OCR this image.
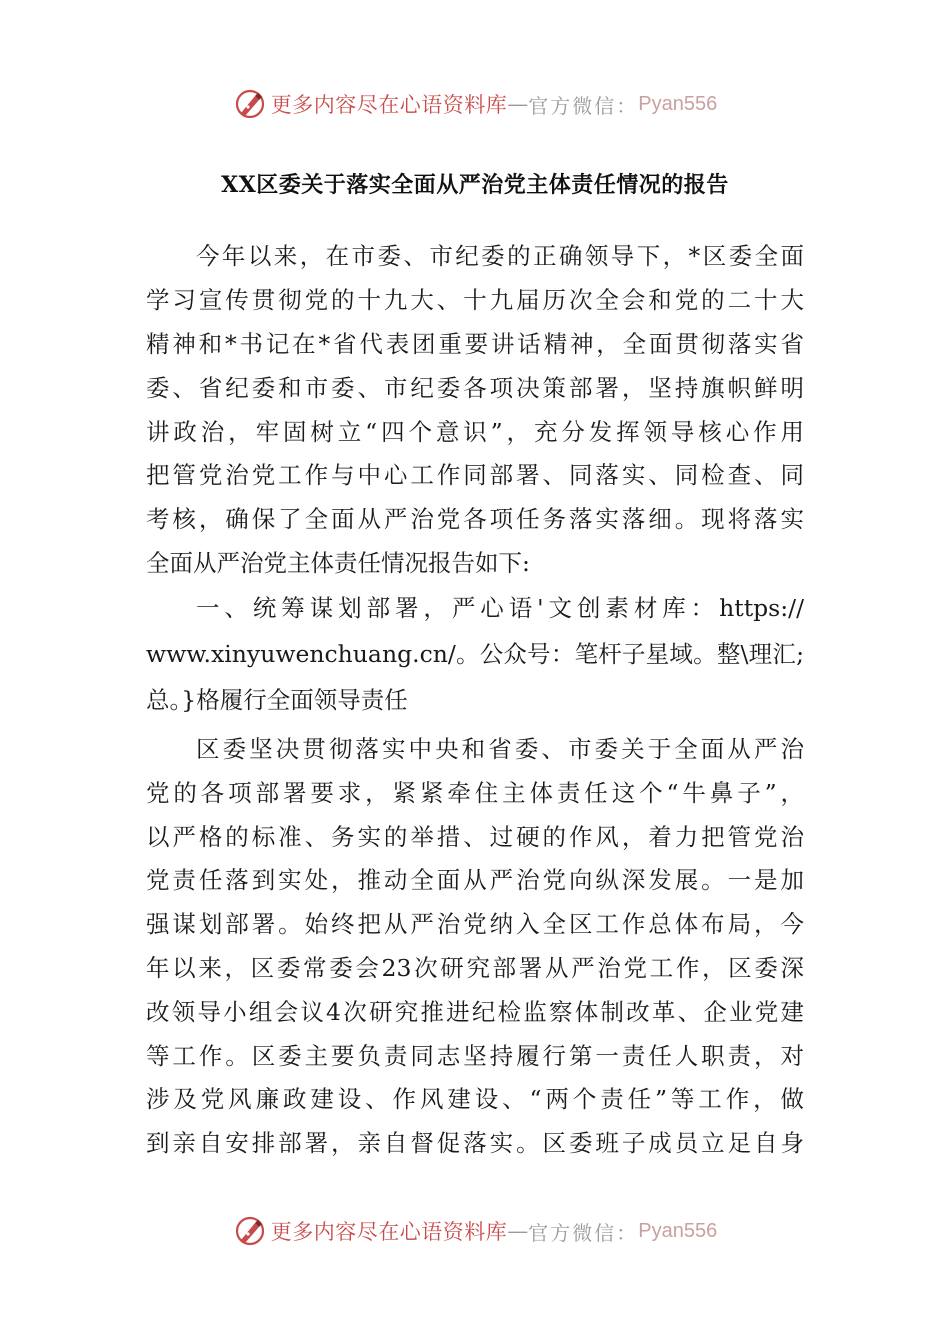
更多内容尽在心语资料库 — 官方微信： Pyan556
XX区委关于落实全面从严治党主体责任情况的报告
今年以来，在市委、市纪委的正确领导下，*区委全面
学习宣传贯彻党的十九大、十九届历次全会和党的二十大
精神和*书记在*省代表团重要讲话精神，全面贯彻落实省
委、省纪委和市委、市纪委各项决策部署，坚持旗帜鲜明
讲政治，牢固树立“四个意识”，充分发挥领导核心作用
把管党治党工作与中心工作同部署、同落实、同检查、同
考核，确保了全面从严治党各项任务落实落细。现将落实
全面从严治党主体责任情况报告如下:
一、统筹谋划部署，严心语'文创素材库：https://
www.xinyuwenchuang.cn/。公众号：笔杆子星域。整\理汇;
总。}格履行全面领导责任
区委坚决贯彻落实中央和省委、市委关于全面从严治
党的各项部署要求，紧紧牵住主体责任这个“牛鼻子”，
以严格的标准、务实的举措、过硬的作风，着力把管党治
党责任落到实处，推动全面从严治党向纵深发展。一是加
强谋划部署。始终把从严治党纳入全区工作总体布局，今
年以来，区委常委会23次研究部署从严治党工作，区委深
改领导小组会议4次研究推进纪检监察体制改革、企业党建
等工作。区委主要负责同志坚持履行第一责任人职责，对
涉及党风廉政建设、作风建设、“两个责任”等工作，做
到亲自安排部署，亲自督促落实。区委班子成员立足自身
更多内容尽在心语资料库 — 官方微信： Pyan556
